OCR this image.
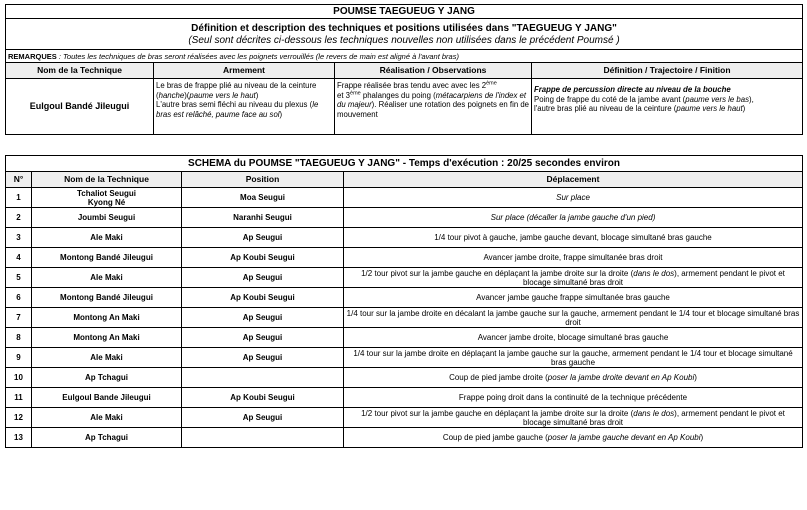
POUMSE TAEGUEUG Y JANG			

Définition et description des techniques et positions utilisées dans "TAEGUEUG Y JANG"
(Seul sont décrites ci-dessous les techniques nouvelles non utilisées dans le précédent Poumsé )			

REMARQUES : Toutes les techniques de bras seront réalisées avec les poignets verrouillés (le revers de main est aligné à l'avant bras)			
Nom de la Technique	Armement	Réalisation / Observations	Définition / Trajectoire / Finition
Eulgoul Bandé Jileugui	Le bras de frappe plié au niveau de la ceinture (hanche)(paume vers le haut)
L'autre bras semi fléchi au niveau du plexus (le bras est relâché, paume face au sol)	Frappe réalisée bras tendu avec avec les 2ème
et 3ème phalanges du poing (métacarpiens de l'index et du majeur). Réaliser une rotation des poignets en fin de mouvement	Frappe de percussion directe au niveau de la bouche
Poing de frappe du coté de la jambe avant (paume vers le bas),
l'autre bras plié au niveau de la ceinture (paume vers le haut)
SCHEMA du POUMSE "TAEGUEUG Y JANG" - Temps d'exécution : 20/25 secondes environ			
N°	Nom de la Technique	Position	Déplacement
1	Tchaliot Seugui
Kyong Né	Moa Seugui	Sur place
2	Joumbi Seugui	Naranhi Seugui	Sur place (décaller la jambe gauche d'un pied)
3	Ale Maki	Ap Seugui	1/4 tour pivot à gauche, jambe gauche devant, blocage simultané bras gauche
4	Montong Bandé Jileugui	Ap Koubi Seugui	Avancer jambe droite, frappe simultanée bras droit
5	Ale Maki	Ap Seugui	1/2 tour pivot sur la jambe gauche en déplaçant la jambe droite sur la droite (dans le dos), armement pendant le pivot et blocage simultané bras droit
6	Montong Bandé Jileugui	Ap Koubi Seugui	Avancer jambe gauche frappe simultanée bras gauche
7	Montong An Maki	Ap Seugui	1/4 tour sur la jambe droite en décalant la jambe gauche sur la gauche, armement pendant le 1/4 tour et blocage simultané bras droit
8	Montong An Maki	Ap Seugui	Avancer jambe droite, blocage simultané bras gauche
9	Ale Maki	Ap Seugui	1/4 tour sur la jambe droite en déplaçant la jambe gauche sur la gauche, armement pendant le 1/4 tour et blocage simultané bras gauche
10	Ap Tchagui		Coup de pied jambe droite (poser la jambe droite devant en Ap Koubi)
11	Eulgoul Bande Jileugui	Ap Koubi Seugui	Frappe poing droit dans la continuité de la technique précédente
12	Ale Maki	Ap Seugui	1/2 tour pivot sur la jambe gauche en déplaçant la jambe droite sur la droite (dans le dos), armement pendant le pivot et blocage simultané bras droit
13	Ap Tchagui		Coup de pied jambe gauche (poser la jambe gauche devant en Ap Koubi)
